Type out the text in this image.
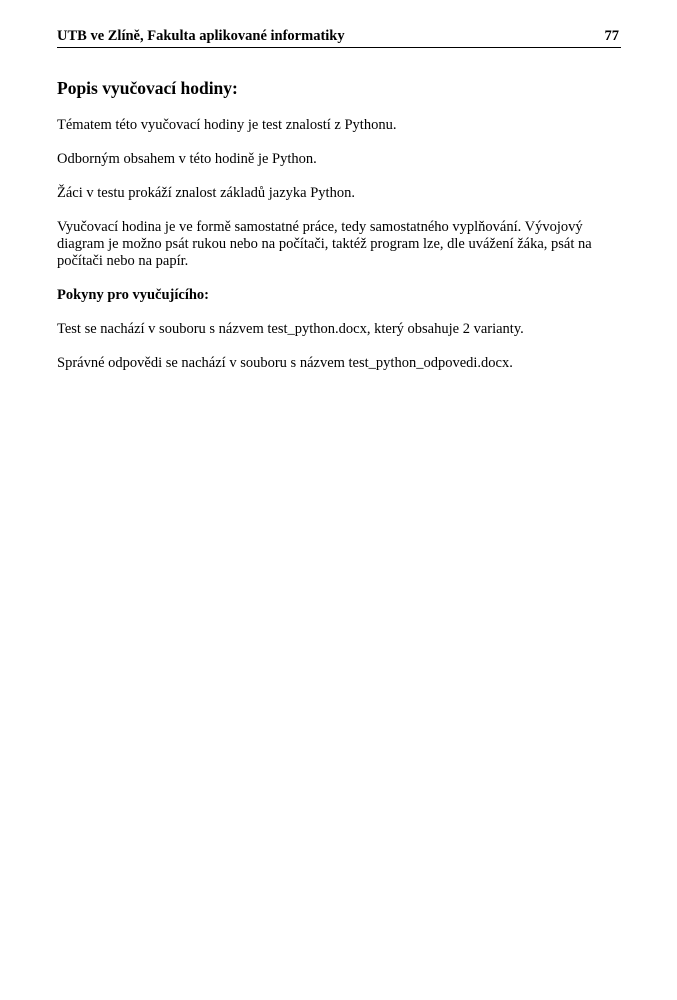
UTB ve Zlíně, Fakulta aplikované informatiky	77
Popis vyučovací hodiny:

Tématem této vyučovací hodiny je test znalostí z Pythonu.

Odborným obsahem v této hodině je Python.

Žáci v testu prokáží znalost základů jazyka Python.

Vyučovací hodina je ve formě samostatné práce, tedy samostatného vyplňování. Vývojový diagram je možno psát rukou nebo na počítači, taktéž program lze, dle uvážení žáka, psát na počítači nebo na papír.

Pokyny pro vyučujícího:

Test se nachází v souboru s názvem test_python.docx, který obsahuje 2 varianty.

Správné odpovědi se nachází v souboru s názvem test_python_odpovedi.docx.
